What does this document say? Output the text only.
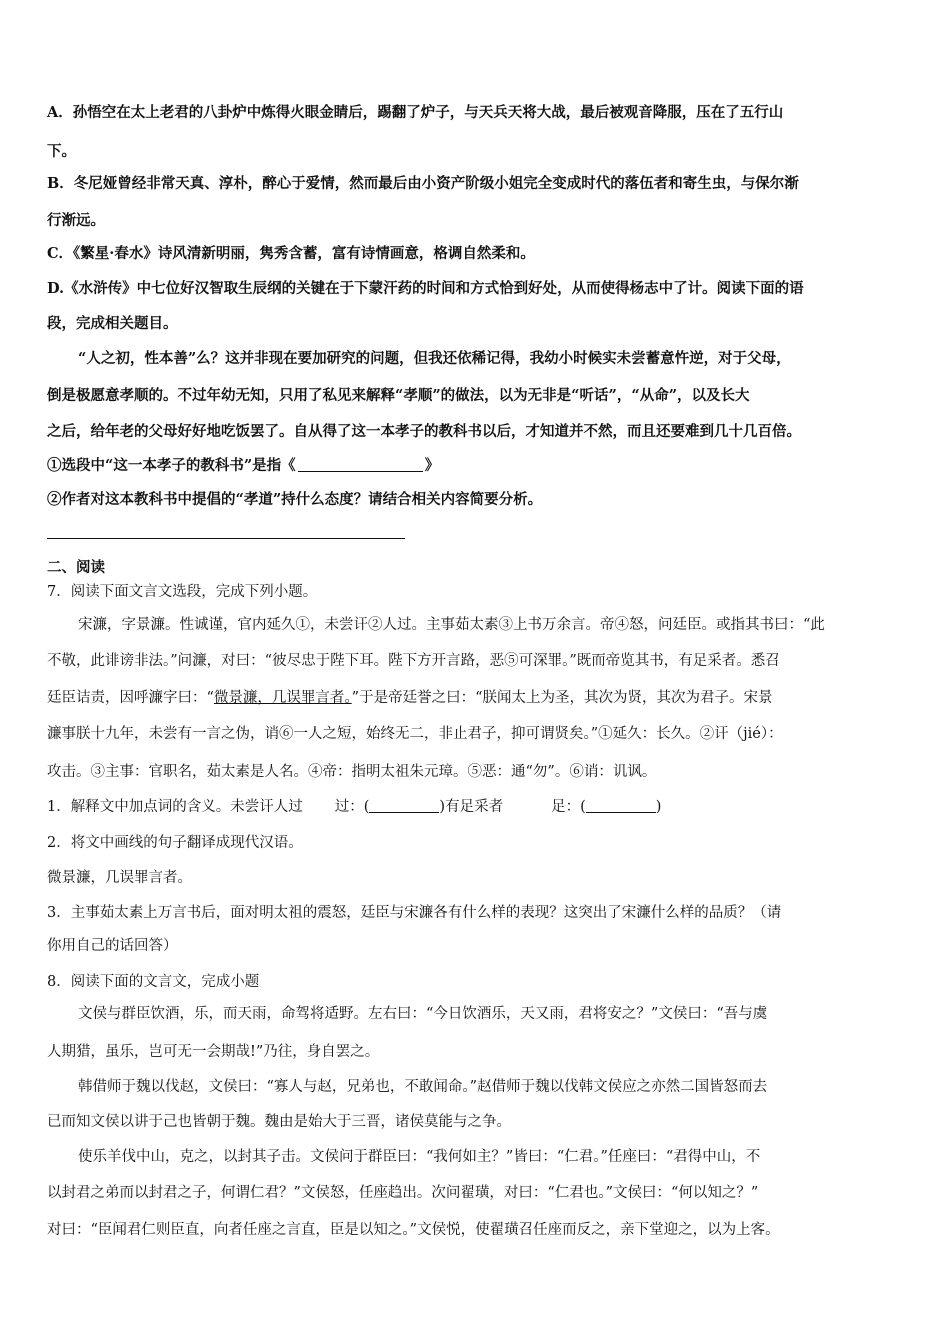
A．孙悟空在太上老君的八卦炉中炼得火眼金睛后，踢翻了炉子，与天兵天将大战，最后被观音降服，压在了五行山
下。
B．冬尼娅曾经非常天真、淳朴，醉心于爱情，然而最后由小资产阶级小姐完全变成时代的落伍者和寄生虫，与保尔渐
行渐远。
C．《繁星·春水》诗风清新明丽，隽秀含蓄，富有诗情画意，格调自然柔和。
D.《水浒传》中七位好汉智取生辰纲的关键在于下蒙汗药的时间和方式恰到好处，从而使得杨志中了计。阅读下面的语
段，完成相关题目。
“人之初，性本善”么？这并非现在要加研究的问题，但我还依稀记得，我幼小时候实未尝蓄意忤逆，对于父母，
倒是极愿意孝顺的。不过年幼无知，只用了私见来解释“孝顺”的做法，以为无非是“听话”，“从命”，以及长大
之后，给年老的父母好好地吃饭罢了。自从得了这一本孝子的教科书以后，才知道并不然，而且还要难到几十几百倍。
①选段中“这一本孝子的教科书”是指《	》
②作者对这本教科书中提倡的“孝道”持什么态度？请结合相关内容简要分析。
二、阅读
7．阅读下面文言文选段，完成下列小题。
宋濂，字景濂。性诚谨，官内延久①，未尝讦②人过。主事茹太素③上书万余言。帝④怒，问廷臣。或指其书曰：“此
不敬，此诽谤非法。”问濂，对曰：“彼尽忠于陛下耳。陛下方开言路，恶⑤可深罪。”既而帝览其书，有足采者。悉召
廷臣诘责，因呼濂字曰：“微景濂，几误罪言者。”于是帝廷誉之曰：“朕闻太上为圣，其次为贤，其次为君子。宋景
濂事朕十九年，未尝有一言之伪，诮⑥一人之短，始终无二，非止君子，抑可谓贤矣。”①延久：长久。②讦（jié）：
攻击。③主事：官职名，茹太素是人名。④帝：指明太祖朱元璋。⑤恶：通“勿”。⑥诮：讥讽。
1．解释文中加点词的含义。未尝讦人过 过：(	)有足采者	足：(	)
2．将文中画线的句子翻译成现代汉语。
微景濂，几误罪言者。
3．主事茹太素上万言书后，面对明太祖的震怒，廷臣与宋濂各有什么样的表现？这突出了宋濂什么样的品质？（请
你用自己的话回答）
8．阅读下面的文言文，完成小题
文侯与群臣饮酒，乐，而天雨，命驾将适野。左右曰：“今日饮酒乐，天又雨，君将安之？”文侯曰：“吾与虞
人期猎，虽乐，岂可无一会期哉!”乃往，身自罢之。
韩借师于魏以伐赵，文侯曰：“寡人与赵，兄弟也，不敢闻命。”赵借师于魏以伐韩文侯应之亦然二国皆怒而去
已而知文侯以讲于己也皆朝于魏。魏由是始大于三晋，诸侯莫能与之争。
使乐羊伐中山，克之，以封其子击。文侯问于群臣曰：“我何如主？”皆曰：“仁君。”任座曰：“君得中山，不
以封君之弟而以封君之子，何谓仁君？”文侯怒，任座趋出。次问翟璜，对曰：“仁君也。”文侯曰：“何以知之？”
对曰：“臣闻君仁则臣直，向者任座之言直，臣是以知之。”文侯悦，使翟璜召任座而反之，亲下堂迎之，以为上客。
